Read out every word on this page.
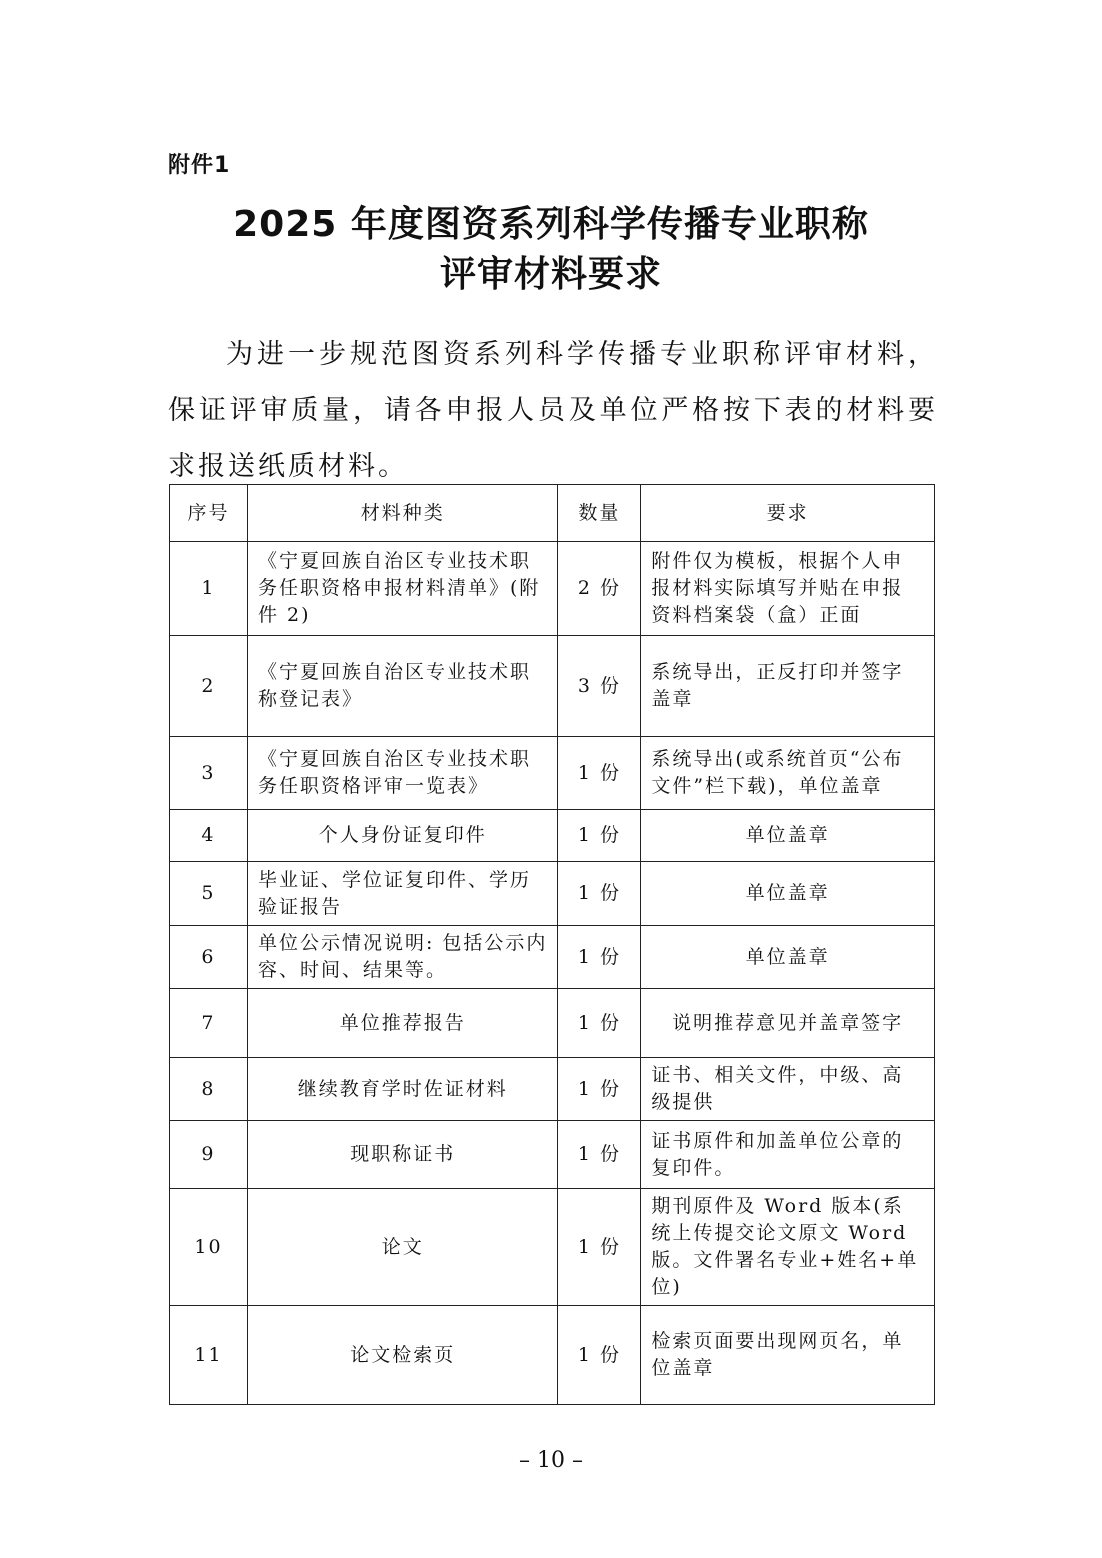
附件1
2025 年度图资系列科学传播专业职称
评审材料要求

为进一步规范图资系列科学传播专业职称评审材料，保证评审质量，请各申报人员及单位严格按下表的材料要求报送纸质材料。

序号	材料种类	数量	要求
1	《宁夏回族自治区专业技术职务任职资格申报材料清单》(附件 2)	2 份	附件仅为模板，根据个人申报材料实际填写并贴在申报资料档案袋（盒）正面
2	《宁夏回族自治区专业技术职称登记表》	3 份	系统导出，正反打印并签字盖章
3	《宁夏回族自治区专业技术职务任职资格评审一览表》	1 份	系统导出(或系统首页“公布文件”栏下载)，单位盖章
4	个人身份证复印件	1 份	单位盖章
5	毕业证、学位证复印件、学历验证报告	1 份	单位盖章
6	单位公示情况说明: 包括公示内容、时间、结果等。	1 份	单位盖章
7	单位推荐报告	1 份	说明推荐意见并盖章签字
8	继续教育学时佐证材料	1 份	证书、相关文件，中级、高级提供
9	现职称证书	1 份	证书原件和加盖单位公章的复印件。
10	论文	1 份	期刊原件及 Word 版本(系统上传提交论文原文 Word 版。文件署名专业+姓名+单位)
11	论文检索页	1 份	检索页面要出现网页名，单位盖章
– 10 –
